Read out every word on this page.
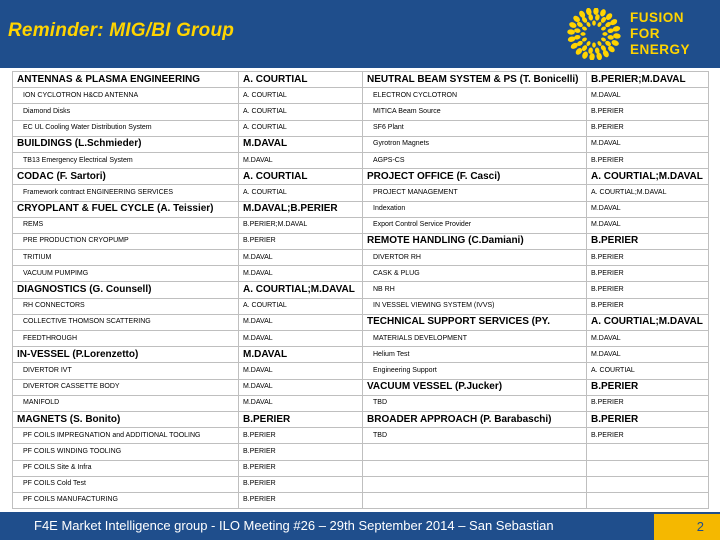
Reminder: MIG/BI Group
FUSION
FOR
ENERGY
ANTENNAS & PLASMA ENGINEERING	A. COURTIAL	NEUTRAL BEAM SYSTEM & PS (T. Bonicelli)	B.PERIER;M.DAVAL
ION CYCLOTRON H&CD ANTENNA	A. COURTIAL	ELECTRON CYCLOTRON	M.DAVAL
Diamond Disks	A. COURTIAL	MITICA Beam Source	B.PERIER
EC UL Cooling Water Distribution System	A. COURTIAL	SF6 Plant	B.PERIER
BUILDINGS (L.Schmieder)	M.DAVAL	Gyrotron Magnets	M.DAVAL
TB13 Emergency Electrical System	M.DAVAL	AGPS-CS	B.PERIER
CODAC (F. Sartori)	A. COURTIAL	PROJECT OFFICE (F. Casci)	A. COURTIAL;M.DAVAL
Framework contract ENGINEERING SERVICES	A. COURTIAL	PROJECT MANAGEMENT	A. COURTIAL;M.DAVAL
CRYOPLANT & FUEL CYCLE (A. Teissier)	M.DAVAL;B.PERIER	Indexation	M.DAVAL
REMS	B.PERIER;M.DAVAL	Export Control Service Provider	M.DAVAL
PRE PRODUCTION CRYOPUMP	B.PERIER	REMOTE HANDLING (C.Damiani)	B.PERIER
TRITIUM	M.DAVAL	DIVERTOR RH	B.PERIER
VACUUM PUMPIMG	M.DAVAL	CASK & PLUG	B.PERIER
DIAGNOSTICS (G. Counsell)	A. COURTIAL;M.DAVAL	NB RH	B.PERIER
RH CONNECTORS	A. COURTIAL	IN VESSEL VIEWING SYSTEM (IVVS)	B.PERIER
COLLECTIVE THOMSON SCATTERING	M.DAVAL	TECHNICAL SUPPORT SERVICES (PY.	A. COURTIAL;M.DAVAL
FEEDTHROUGH	M.DAVAL	MATERIALS DEVELOPMENT	M.DAVAL
IN-VESSEL (P.Lorenzetto)	M.DAVAL	Helium Test	M.DAVAL
DIVERTOR IVT	M.DAVAL	Engineering Support	A. COURTIAL
DIVERTOR CASSETTE BODY	M.DAVAL	VACUUM VESSEL (P.Jucker)	B.PERIER
MANIFOLD	M.DAVAL	TBD	B.PERIER
MAGNETS (S. Bonito)	B.PERIER	BROADER APPROACH (P. Barabaschi)	B.PERIER
PF COILS IMPREGNATION and ADDITIONAL TOOLING	B.PERIER	TBD	B.PERIER
PF COILS WINDING TOOLING	B.PERIER		
PF COILS Site & Infra	B.PERIER		
PF COILS Cold Test	B.PERIER		
PF COILS MANUFACTURING	B.PERIER		
F4E Market Intelligence group - ILO Meeting #26 – 29th September 2014 – San Sebastian	2
